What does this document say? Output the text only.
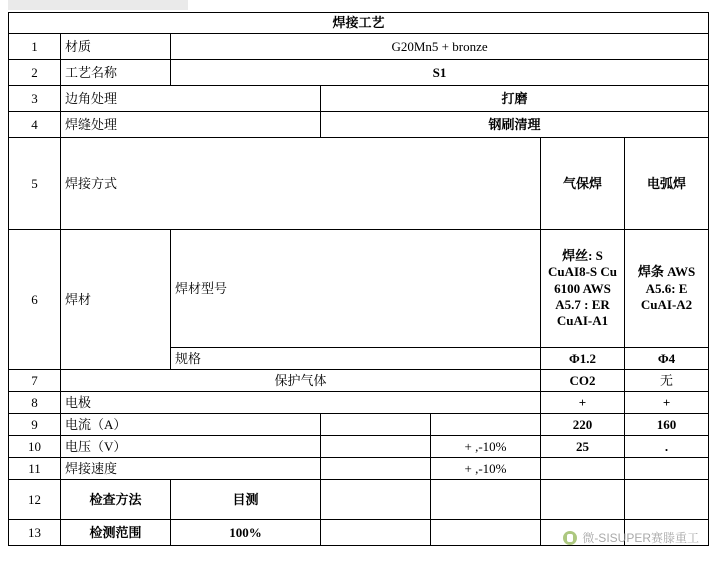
焊接工艺						
1	材质	G20Mn5 + bronze				
2	工艺名称	S1				
3	边角处理		打磨			
4	焊缝处理		钢刷清理			
5	焊接方式				气保焊	电弧焊
6	焊材	焊材型号			焊丝: S CuAI8-S Cu 6100 AWS A5.7 : ER CuAI-A1	焊条 AWS A5.6: E CuAI-A2
		规格			Φ1.2	Φ4
7	保护气体				CO2	无
8	电极				+	+
9	电流（A）				220	160
10	电压（V）			+ ,-10%	25	.
11	焊接速度			+ ,-10%		
12	检查方法	目测				
13	检测范围	100%					微-SISUPER赛滕重工
